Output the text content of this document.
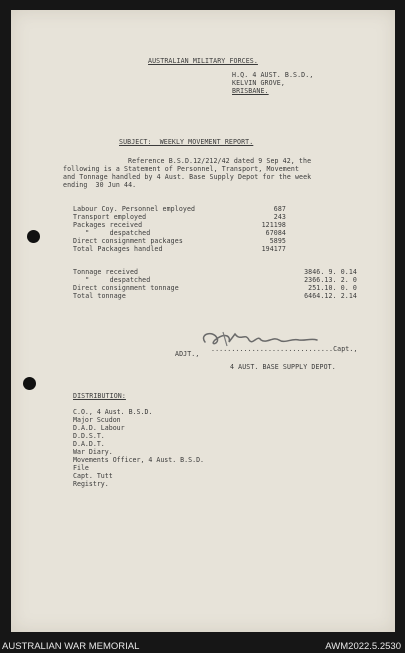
AUSTRALIAN MILITARY FORCES.
H.Q. 4 AUST. B.S.D.,
KELVIN GROVE,
BRISBANE.
SUBJECT:  WEEKLY MOVEMENT REPORT.
Reference B.S.D.12/212/42 dated 9 Sep 42, the
following is a Statement of Personnel, Transport, Movement
and Tonnage handled by 4 Aust. Base Supply Depot for the week
ending  30 Jun 44.
Labour Coy. Personnel employed	687
Transport employed	243
Packages received	121198
"     despatched	67084
Direct consignment packages	5895
Total Packages handled	194177
Tonnage received	3846. 9. 0.14
"     despatched	2366.13. 2. 0
Direct consignment tonnage	251.10. 0. 0
Total tonnage	6464.12. 2.14
..............................Capt.,
ADJT.,
4 AUST. BASE SUPPLY DEPOT.
DISTRIBUTION:
C.O., 4 Aust. B.S.D.
Major Scudon
D.A.D. Labour
D.D.S.T.
D.A.D.T.
War Diary.
Movements Officer, 4 Aust. B.S.D.
File
Capt. Tutt
Registry.
AUSTRALIAN WAR MEMORIAL	AWM2022.5.2530
